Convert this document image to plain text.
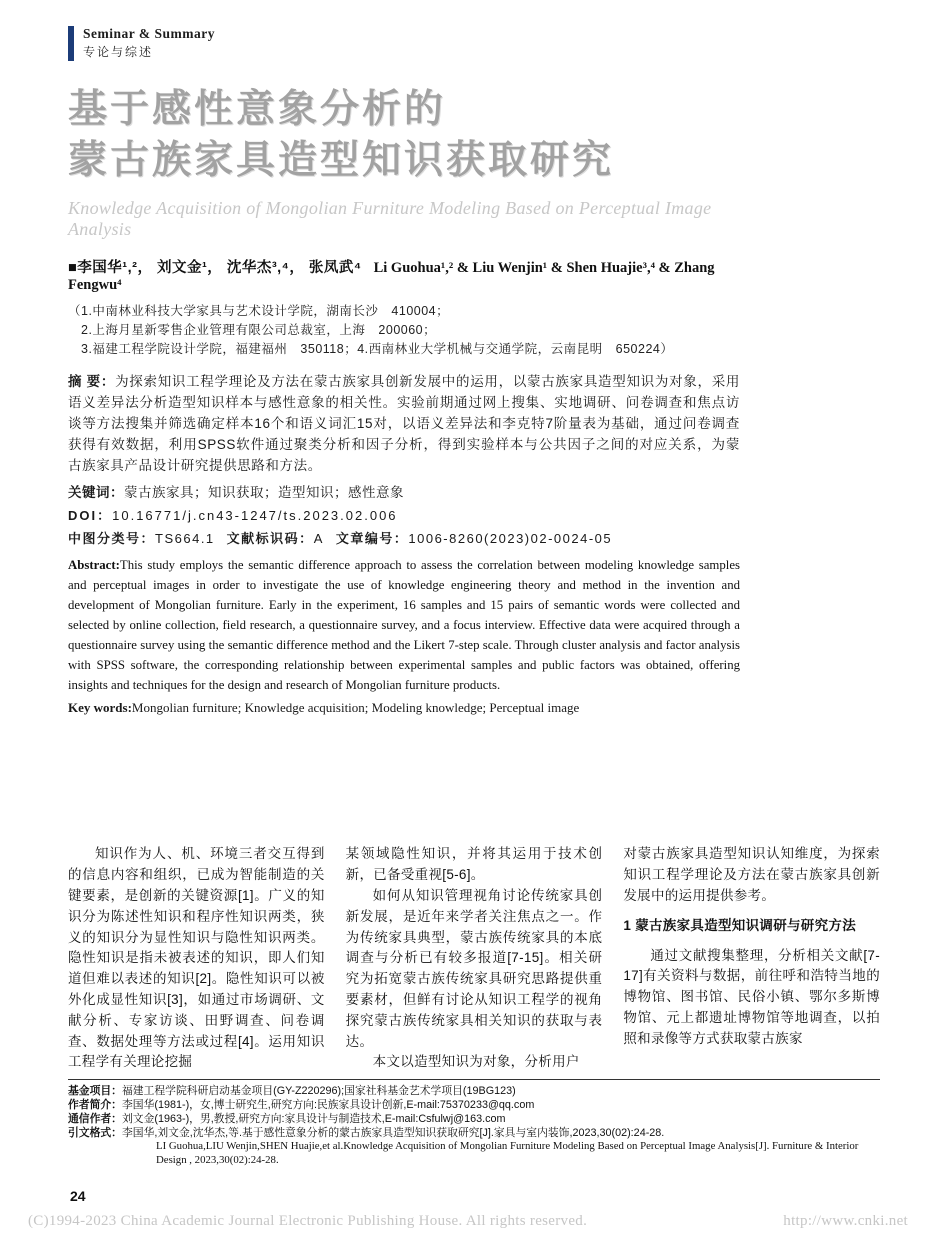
Seminar & Summary
专论与综述
基于感性意象分析的
蒙古族家具造型知识获取研究
Knowledge Acquisition of Mongolian Furniture Modeling Based on Perceptual Image Analysis
■李国华¹,²， 刘文金¹， 沈华杰³,⁴， 张凤武⁴ Li Guohua¹,² & Liu Wenjin¹ & Shen Huajie³,⁴ & Zhang Fengwu⁴
（1.中南林业科技大学家具与艺术设计学院，湖南长沙　410004；
2.上海月星新零售企业管理有限公司总裁室，上海　200060；
3.福建工程学院设计学院，福建福州　350118；4.西南林业大学机械与交通学院，云南昆明　650224）

摘 要：为探索知识工程学理论及方法在蒙古族家具创新发展中的运用，以蒙古族家具造型知识为对象，采用语义差异法分析造型知识样本与感性意象的相关性。实验前期通过网上搜集、实地调研、问卷调查和焦点访谈等方法搜集并筛选确定样本16个和语义词汇15对，以语义差异法和李克特7阶量表为基础，通过问卷调查获得有效数据，利用SPSS软件通过聚类分析和因子分析，得到实验样本与公共因子之间的对应关系，为蒙古族家具产品设计研究提供思路和方法。

关键词：蒙古族家具；知识获取；造型知识；感性意象

DOI：10.16771/j.cn43-1247/ts.2023.02.006

中图分类号：TS664.1 文献标识码：A 文章编号：1006-8260(2023)02-0024-05

Abstract:This study employs the semantic difference approach to assess the correlation between modeling knowledge samples and perceptual images in order to investigate the use of knowledge engineering theory and method in the invention and development of Mongolian furniture. Early in the experiment, 16 samples and 15 pairs of semantic words were collected and selected by online collection, field research, a questionnaire survey, and a focus interview. Effective data were acquired through a questionnaire survey using the semantic difference method and the Likert 7-step scale. Through cluster analysis and factor analysis with SPSS software, the corresponding relationship between experimental samples and public factors was obtained, offering insights and techniques for the design and research of Mongolian furniture products.

Key words:Mongolian furniture; Knowledge acquisition; Modeling knowledge; Perceptual image

知识作为人、机、环境三者交互得到的信息内容和组织，已成为智能制造的关键要素，是创新的关键资源[1]。广义的知识分为陈述性知识和程序性知识两类，狭义的知识分为显性知识与隐性知识两类。隐性知识是指未被表述的知识，即人们知道但难以表述的知识[2]。隐性知识可以被外化成显性知识[3]，如通过市场调研、文献分析、专家访谈、田野调查、问卷调查、数据处理等方法或过程[4]。运用知识工程学有关理论挖掘

某领域隐性知识，并将其运用于技术创新，已备受重视[5-6]。

如何从知识管理视角讨论传统家具创新发展，是近年来学者关注焦点之一。作为传统家具典型，蒙古族传统家具的本底调查与分析已有较多报道[7-15]。相关研究为拓宽蒙古族传统家具研究思路提供重要素材，但鲜有讨论从知识工程学的视角探究蒙古族传统家具相关知识的获取与表达。

本文以造型知识为对象，分析用户

对蒙古族家具造型知识认知维度，为探索知识工程学理论及方法在蒙古族家具创新发展中的运用提供参考。

1 蒙古族家具造型知识调研与研究方法

通过文献搜集整理，分析相关文献[7-17]有关资料与数据，前往呼和浩特当地的博物馆、图书馆、民俗小镇、鄂尔多斯博物馆、元上都遗址博物馆等地调查，以拍照和录像等方式获取蒙古族家

基金项目：福建工程学院科研启动基金项目(GY-Z220296);国家社科基金艺术学项目(19BG123)

作者简介：李国华(1981-)，女,博士研究生,研究方向:民族家具设计创新,E-mail:75370233@qq.com

通信作者：刘文金(1963-)，男,教授,研究方向:家具设计与制造技术,E-mail:Csfulwj@163.com

引文格式：李国华,刘文金,沈华杰,等.基于感性意象分析的蒙古族家具造型知识获取研究[J].家具与室内装饰,2023,30(02):24-28.

LI Guohua,LIU Wenjin,SHEN Huajie,et al.Knowledge Acquisition of Mongolian Furniture Modeling Based on Perceptual Image Analysis[J]. Furniture & Interior Design , 2023,30(02):24-28.

24
(C)1994-2023 China Academic Journal Electronic Publishing House. All rights reserved.	http://www.cnki.net
